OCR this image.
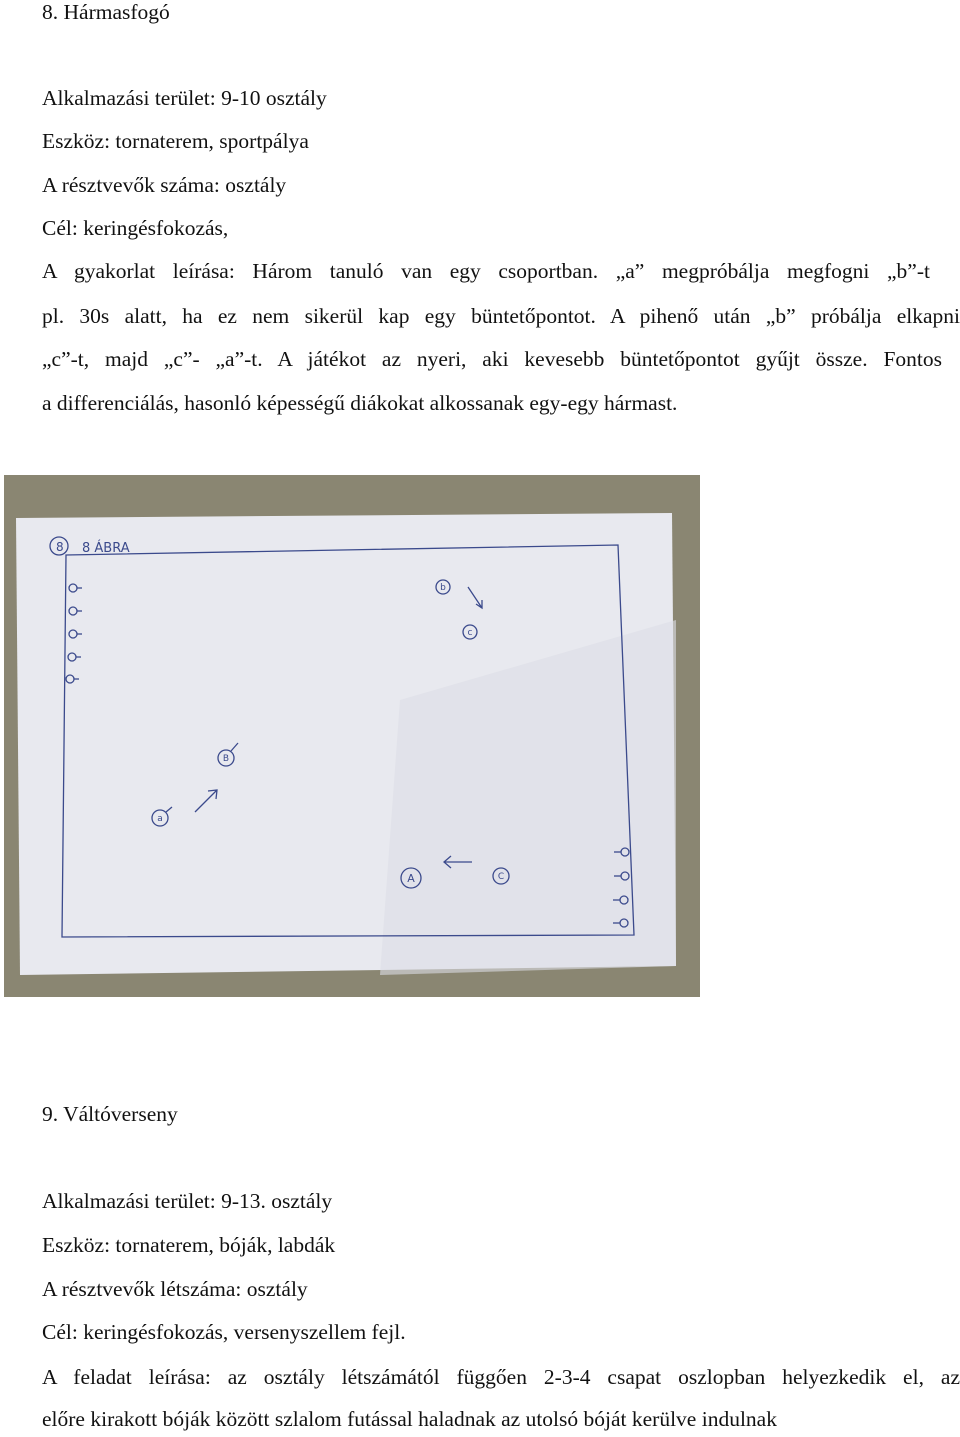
8. Hármasfogó
Alkalmazási terület: 9-10 osztály
Eszköz: tornaterem, sportpálya
A résztvevők száma: osztály
Cél: keringésfokozás,
A gyakorlat leírása: Három tanuló van egy csoportban. „a” megpróbálja megfogni „b”-t
pl. 30s alatt, ha ez nem sikerül kap egy büntetőpontot. A pihenő után „b” próbálja elkapni
„c”-t, majd „c”- „a”-t. A játékot az nyeri, aki kevesebb büntetőpontot gyűjt össze. Fontos
a differenciálás, hasonló képességű diákokat alkossanak egy-egy hármast.
8 8 ÁBRA
b
c
B
a
A	C
9. Váltóverseny
Alkalmazási terület: 9-13. osztály
Eszköz: tornaterem, bóják, labdák
A résztvevők létszáma: osztály
Cél: keringésfokozás, versenyszellem fejl.
A feladat leírása: az osztály létszámától függően 2-3-4 csapat oszlopban helyezkedik el, az
előre kirakott bóják között szlalom futással haladnak az utolsó bóját kerülve indulnak
